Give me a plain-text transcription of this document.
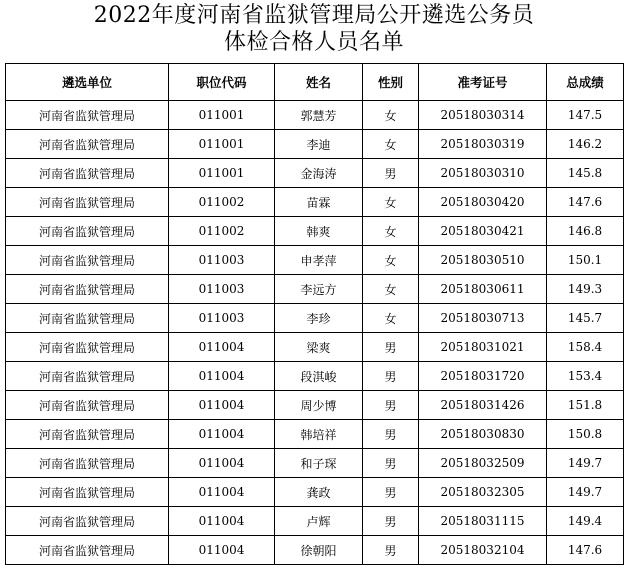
2022年度河南省监狱管理局公开遴选公务员
体检合格人员名单
遴选单位	职位代码	姓名	性别	准考证号	总成绩
河南省监狱管理局	011001	郭慧芳	女	20518030314	147.5
河南省监狱管理局	011001	李迪	女	20518030319	146.2
河南省监狱管理局	011001	金海涛	男	20518030310	145.8
河南省监狱管理局	011002	苗霖	女	20518030420	147.6
河南省监狱管理局	011002	韩爽	女	20518030421	146.8
河南省监狱管理局	011003	申孝萍	女	20518030510	150.1
河南省监狱管理局	011003	李远方	女	20518030611	149.3
河南省监狱管理局	011003	李珍	女	20518030713	145.7
河南省监狱管理局	011004	梁爽	男	20518031021	158.4
河南省监狱管理局	011004	段淇峻	男	20518031720	153.4
河南省监狱管理局	011004	周少博	男	20518031426	151.8
河南省监狱管理局	011004	韩培祥	男	20518030830	150.8
河南省监狱管理局	011004	和子琛	男	20518032509	149.7
河南省监狱管理局	011004	龚政	男	20518032305	149.7
河南省监狱管理局	011004	卢辉	男	20518031115	149.4
河南省监狱管理局	011004	徐朝阳	男	20518032104	147.6
